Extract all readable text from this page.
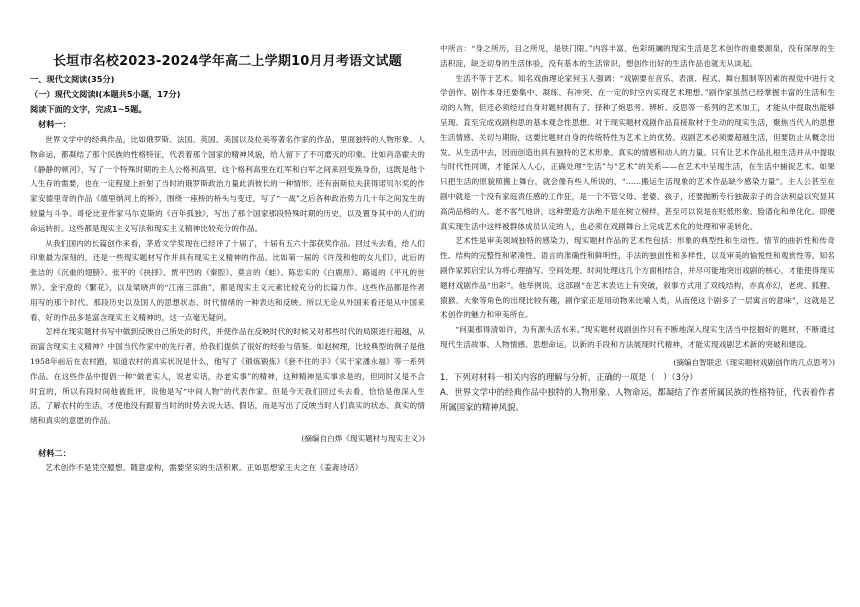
长垣市名校2023-2024学年高二上学期10月月考语文试题
一、现代文阅读(35分)
（一）现代文阅读I(本题共5小题，17分)
阅读下面的文字，完成1~5题。
材料一：

世界文学中的经典作品，比如俄罗斯、法国、英国、美国以及拉美等著名作家的作品，里面独特的人物形象、人物命运，都凝结了那个民族的性格特征，代表着那个国家的精神风貌，给人留下了不可磨灭的印象。比如肖洛霍夫的《静静的顿河》，写了一个特殊时期的主人公格利高里，这个格利高里在红军和白军之间来回变换身份，这既是他个人生存的需要，也在一定程度上折射了当时的俄罗斯政治力量此消彼长的一种情形。还有南斯拉夫获得诺贝尔奖的作家安德里奇的作品《德里纳河上的桥》，围绕一座桥的桥头与变迁，写了“一战”之后各种政治势力几十年之间发生的较量与斗争。哥伦比亚作家马尔克斯的《百年孤独》，写出了那个国家那段特殊时期的历史，以及置身其中的人们的命运转折。这些都是现实主义写法和现实主义精神比较充分的作品。

从我们国内的长篇创作来看，茅盾文学奖现在已经评了十届了，十届有五六十部获奖作品。回过头去看，给人们印象最为深刻的，还是一些现实题材写作并具有现实主义精神的作品。比如第一届的《许茂和他的女儿们》，此后的张洁的《沉重的翅膀》、张平的《抉择》、贾平凹的《秦腔》、莫言的《蛙》、陈忠实的《白鹿原》、路遥的《平凡的世界》、金宇澄的《繁花》，以及梁晓声的“江南三部曲”，都是现实主义元素比较充分的长篇力作。这些作品都是作者用写的那个时代、那段历史以及国人的思想状态、时代情绪的一种表达和反映。所以无论从外国来看还是从中国来看，好的作品多是富含现实主义精神的，这一点毫无疑问。

怎样在现实题材书写中做到反映自己所处的时代，并使作品在反映时代的时候又对那些时代的局限进行超越，从而富含现实主义精神？中国当代作家中的先行者，给我们提供了很好的经验与借鉴。如赵树理，比较典型的例子是他1958年前后在农村跑，知道农村的真实状况是什么，他写了《锻炼锻炼》《套不住的手》《实干家潘永福》等一系列作品。在这些作品中提倡一种“做老实人，说老实话，办老实事”的精神，这种精神是实事求是的，但同时又是不合时宜的，所以有段时间他被批评，说他是写“中间人物”的代表作家。但是今天我们回过头去看，恰恰是他深入生活，了解农村的生活，才使他没有跟着当时的时势去说大话、假话，而是写出了反映当时人们真实的状态、真实的情绪和真实的意愿的作品。

(摘编自白烨《现实题材与现实主义》)

材料二：

艺术创作不是凭空臆想、随意虚构，需要坚实的生活积累。正如思想家王夫之在《姜斋诗话》

中所言：“身之所历，目之所见，是铁门限。”内容丰富、色彩斑斓的现实生活是艺术创作的重要源泉，没有深厚的生活积淀，缺乏切身的生活体验，没有基本的生活常识，想创作出好的生活作品也就无从谈起。

生活不等于艺术。知名戏曲理论家何玉人强调：“戏剧要在音乐、表演、程式、舞台服制等因素的视觉中进行文学创作。剧作本身还要集中、凝练、有冲突、在一定的时空内实现艺术理想。”剧作家虽然已经掌握丰富的生活和生动的人物，但还必须经过自身对题材拥有了、择种了炮思考、辨析、反思等一系列的艺术加工，才能从中提取出能够呈现、直至完成戏剧构思的基本观念性思想。对于现实题材戏剧作品直接取材于生动的现实生活，聚焦当代人的思想生活情感、关切与期盼，这要比题材自身的传统特性为艺术上的优势。戏剧艺术必须要超越生活，但要防止从概念出发。从生活中去，因而创造出具有独特的艺术形象、真实的情感和动人的力量。只有让艺术作品扎根生活并从中提取与时代性同调，才能深入人心，正确处理“生活”与“艺术”的关系——在艺术中呈现生活，在生活中捕捉艺术。如果只把生活的原貌照搬上舞台，就会像有些人所说的，“……搬运生活现象的艺术作品缺少感染力量”。主人公甚至在剧中就是一个没有家庭责任感的工作狂，是一个不管父母、老婆、孩子，还要抛断专行独裁亲子的合法利益以究显其高尚品格的人。老不客气地讲，这种塑造方法绝不是在树立榜样，甚至可以说是在贬低形象、脸谱化和单化化。即便真实现生活中这样被群体成员认定的人，也必须在戏剧舞台上完成艺术化的处理和审美转化。

艺术性是审美领域独特的感染力，现实题材作品的艺术性包括：形象的典型性和生动性、情节的曲折性和传奇性、结构的完整性和紧凑性、语言的准确性和鲜明性，手法的独创性和多样性，以及审美的愉悦性和观赏性等。知名剧作家郭启宏认为将心理描写、空间处理、时间处理这几个方面相结合，并尽可能地突出戏剧的核心，才能使得现实题材戏剧作品“出彩”。他举例说，这部剧“在艺术表达上有突破，叙事方式用了双线结构，亦真亦幻，老虎、狐狸、猿猴、大象等角色的出现比较有趣，剧作家正是用动物来比喻人类，从而使这个剧多了一层寓言的意味”，这就是艺术创作的魅力和审美所在。

“问渠那得清如许，为有源头活水来。”现实题材戏剧创作只有不断地深入现实生活当中挖掘好的题材，不断通过现代生活故事、人物情感、思想命运，以新的手段和方法展现时代精神，才能实现戏剧艺术新的突破和建设。

(摘编自智联忠《现实题材戏剧创作的几点思考》)

1．下列对材料一相关内容的理解与分析，正确的一项是（　）（3分）

A．世界文学中的经典作品中独特的人物形象、人物命运，都凝结了作者所属民族的性格特征，代表着作者所属国家的精神风貌。
